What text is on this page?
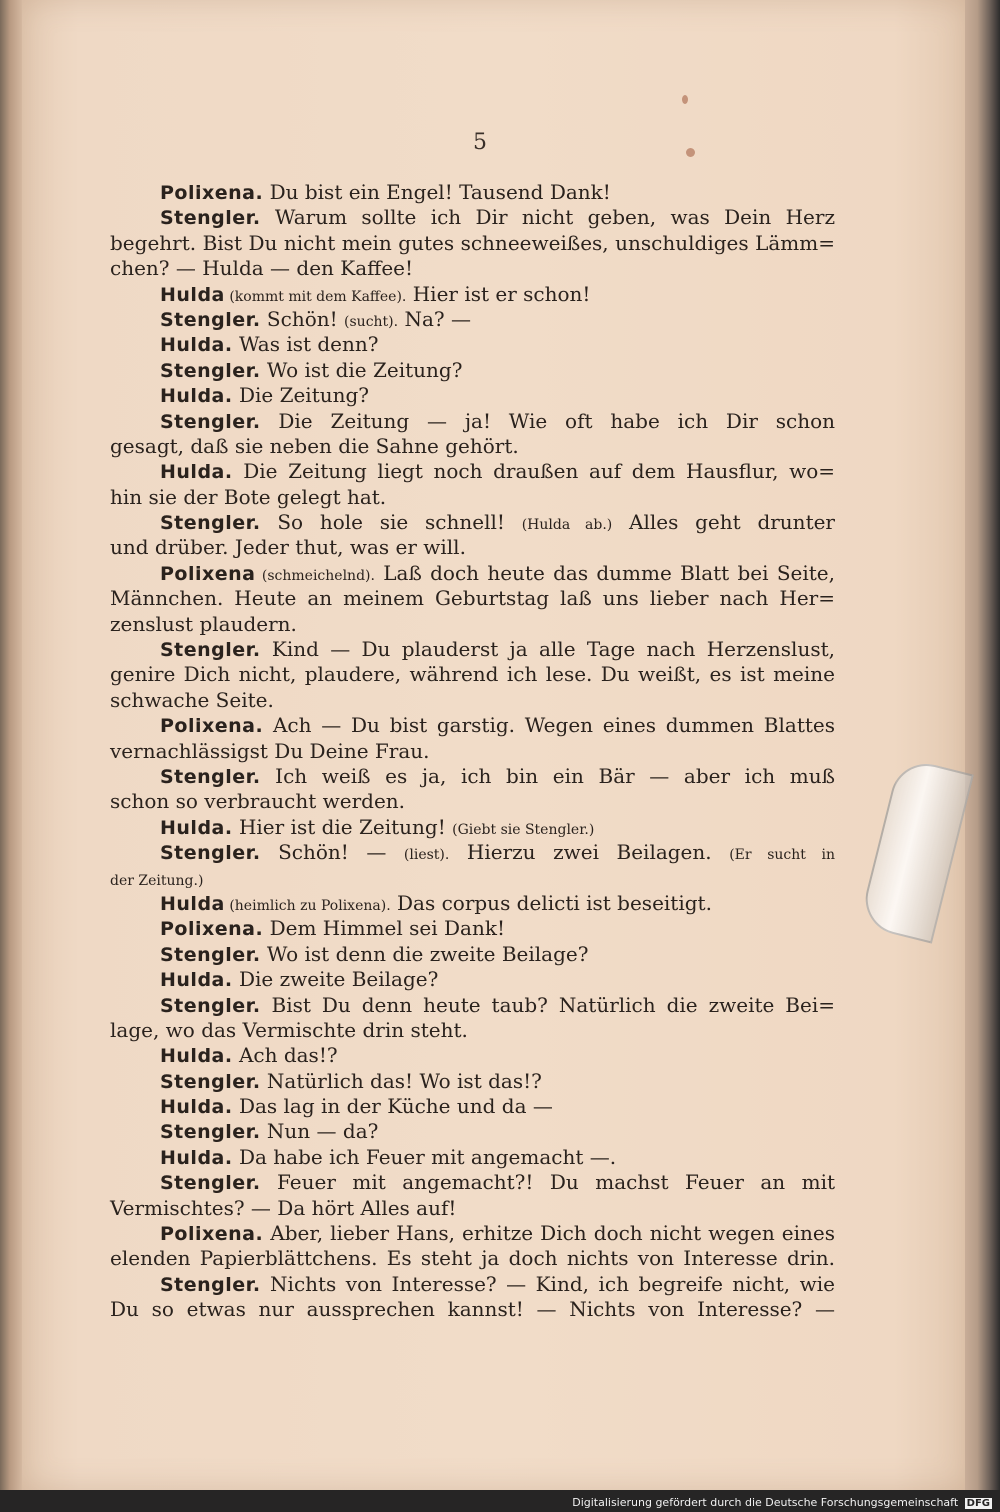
5
Polixena. Du bist ein Engel! Tausend Dank!
Stengler. Warum sollte ich Dir nicht geben, was Dein Herz
begehrt. Bist Du nicht mein gutes schneeweißes, unschuldiges Lämm=
chen? — Hulda — den Kaffee!
Hulda (kommt mit dem Kaffee). Hier ist er schon!
Stengler. Schön! (sucht). Na? —
Hulda. Was ist denn?
Stengler. Wo ist die Zeitung?
Hulda. Die Zeitung?
Stengler. Die Zeitung — ja! Wie oft habe ich Dir schon
gesagt, daß sie neben die Sahne gehört.
Hulda. Die Zeitung liegt noch draußen auf dem Hausflur, wo=
hin sie der Bote gelegt hat.
Stengler. So hole sie schnell! (Hulda ab.) Alles geht drunter
und drüber. Jeder thut, was er will.
Polixena (schmeichelnd). Laß doch heute das dumme Blatt bei Seite,
Männchen. Heute an meinem Geburtstag laß uns lieber nach Her=
zenslust plaudern.
Stengler. Kind — Du plauderst ja alle Tage nach Herzenslust,
genire Dich nicht, plaudere, während ich lese. Du weißt, es ist meine
schwache Seite.
Polixena. Ach — Du bist garstig. Wegen eines dummen Blattes
vernachlässigst Du Deine Frau.
Stengler. Ich weiß es ja, ich bin ein Bär — aber ich muß
schon so verbraucht werden.
Hulda. Hier ist die Zeitung! (Giebt sie Stengler.)
Stengler. Schön! — (liest). Hierzu zwei Beilagen. (Er sucht in
der Zeitung.)
Hulda (heimlich zu Polixena). Das corpus delicti ist beseitigt.
Polixena. Dem Himmel sei Dank!
Stengler. Wo ist denn die zweite Beilage?
Hulda. Die zweite Beilage?
Stengler. Bist Du denn heute taub? Natürlich die zweite Bei=
lage, wo das Vermischte drin steht.
Hulda. Ach das!?
Stengler. Natürlich das! Wo ist das!?
Hulda. Das lag in der Küche und da —
Stengler. Nun — da?
Hulda. Da habe ich Feuer mit angemacht —.
Stengler. Feuer mit angemacht?! Du machst Feuer an mit
Vermischtes? — Da hört Alles auf!
Polixena. Aber, lieber Hans, erhitze Dich doch nicht wegen eines
elenden Papierblättchens. Es steht ja doch nichts von Interesse drin.
Stengler. Nichts von Interesse? — Kind, ich begreife nicht, wie
Du so etwas nur aussprechen kannst! — Nichts von Interesse? —
Digitalisierung gefördert durch die Deutsche Forschungsgemeinschaft DFG
